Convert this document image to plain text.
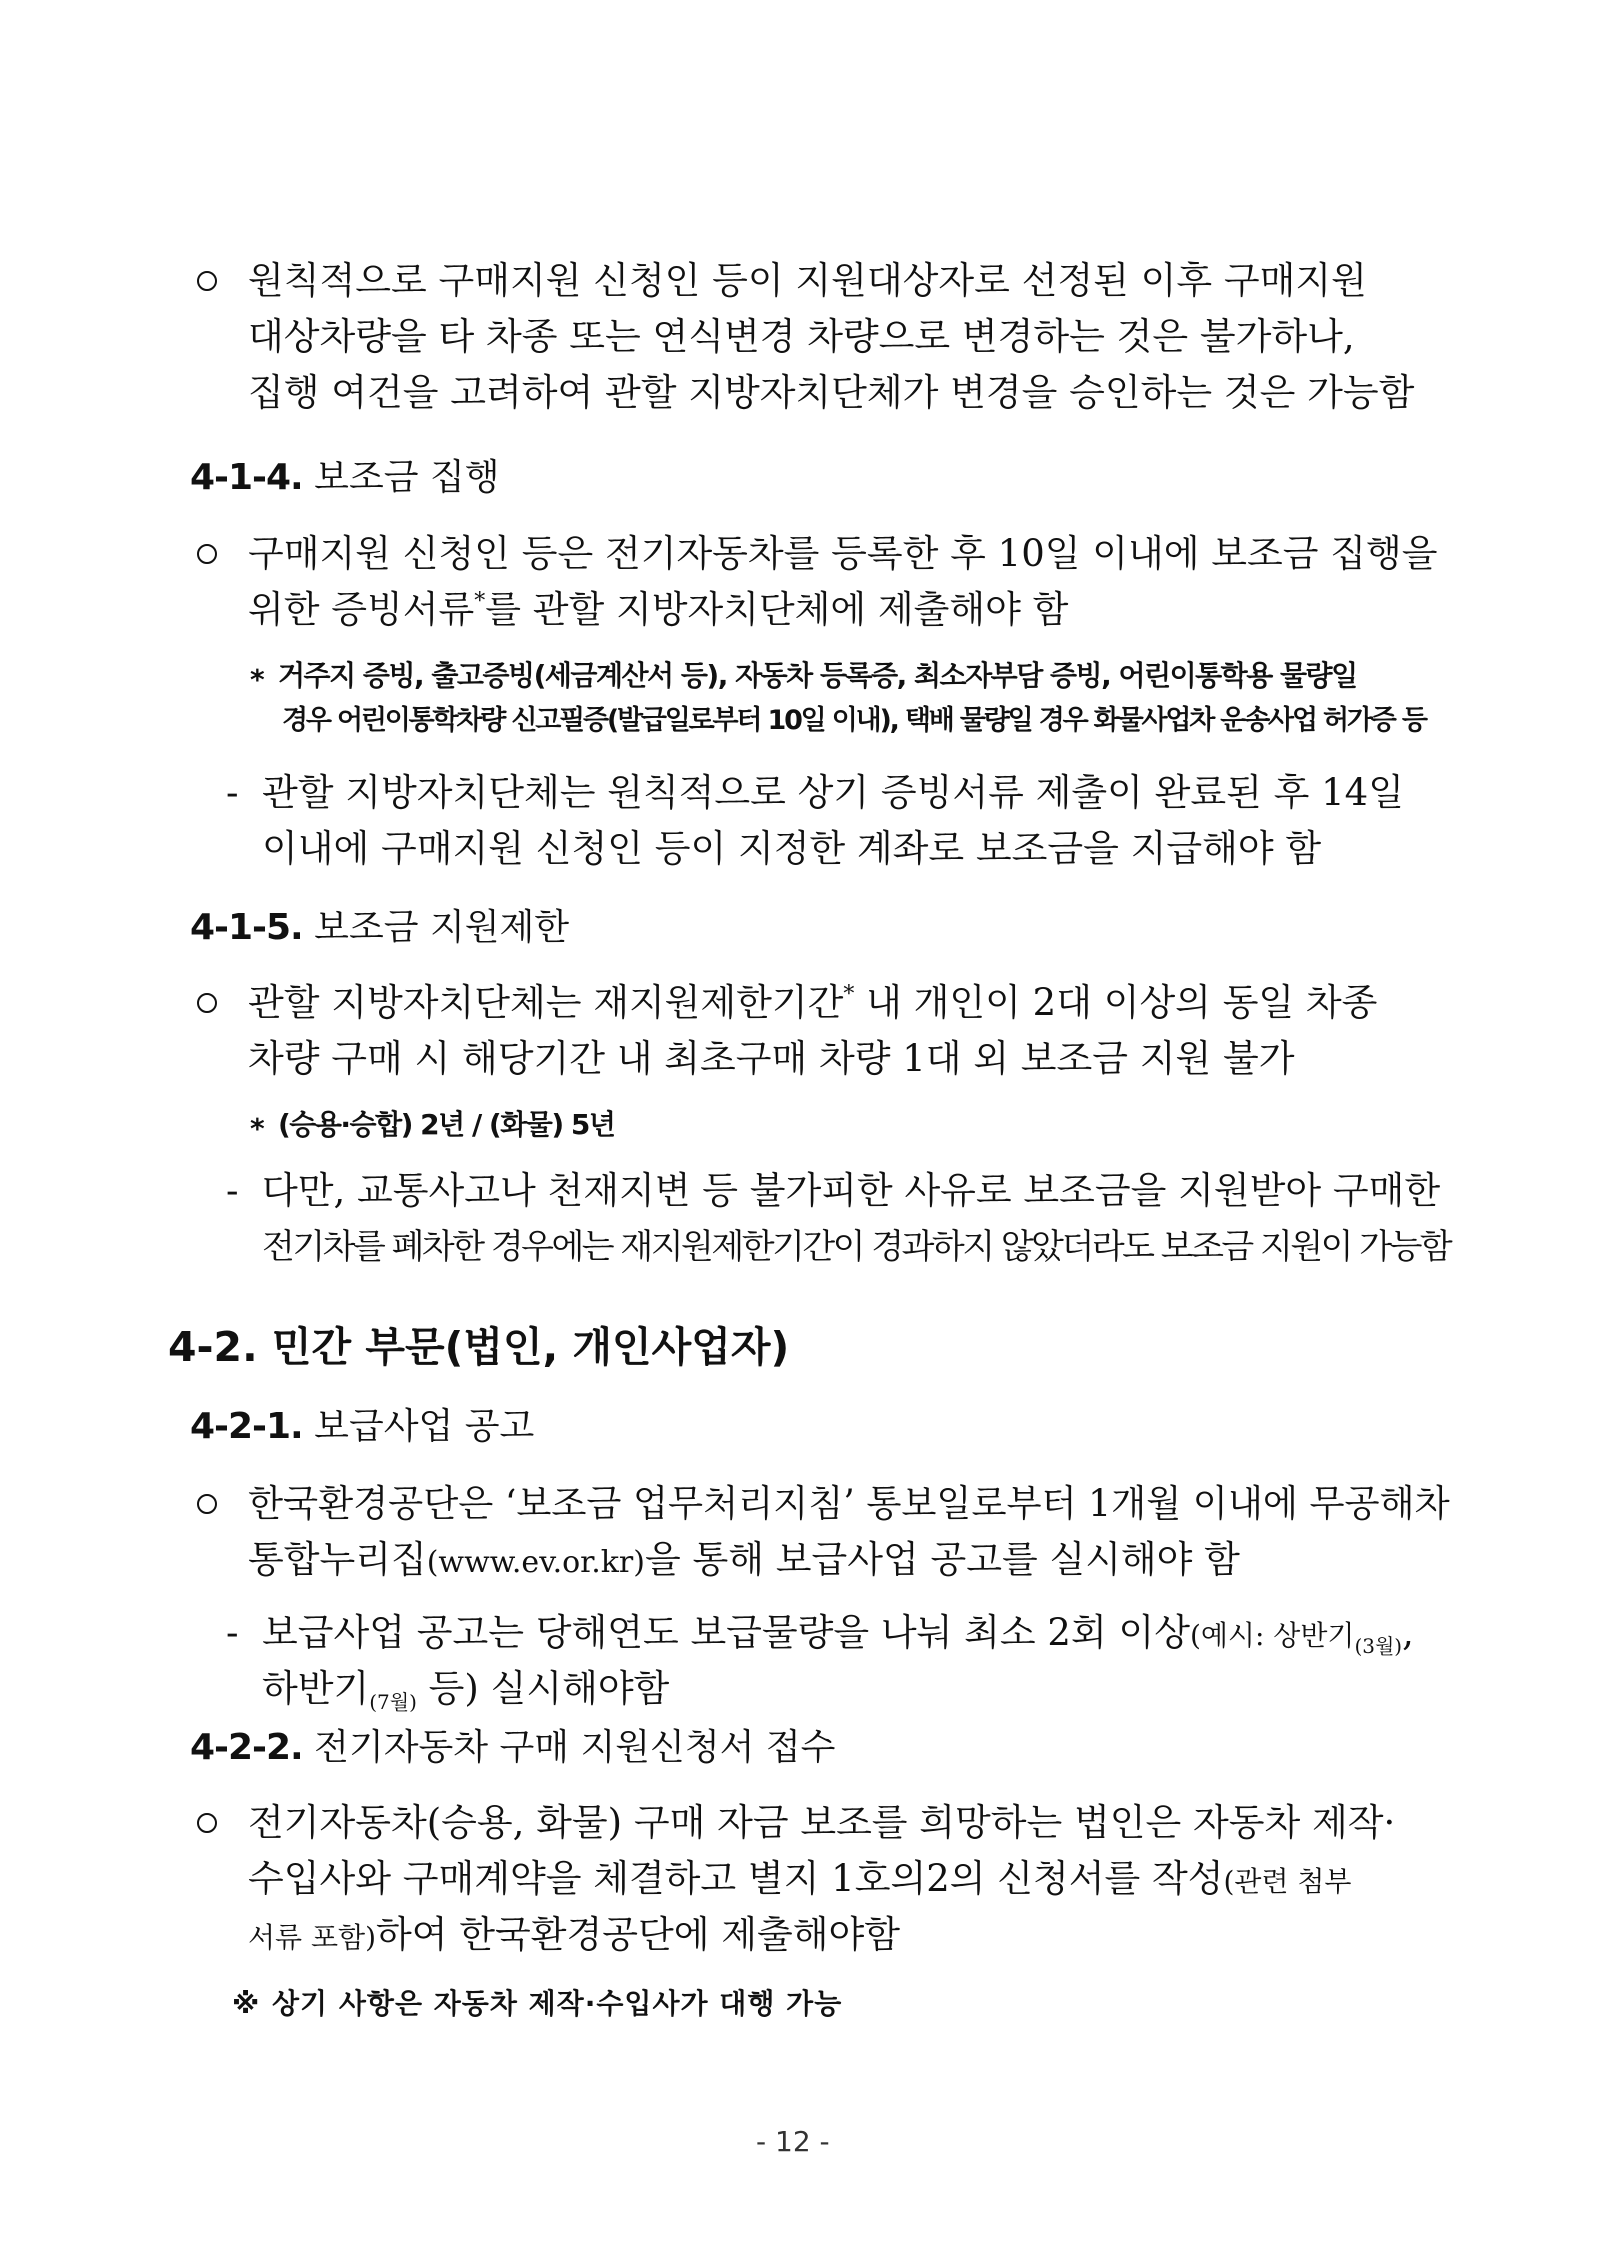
원칙적으로 구매지원 신청인 등이 지원대상자로 선정된 이후 구매지원
대상차량을 타 차종 또는 연식변경 차량으로 변경하는 것은 불가하나,
집행 여건을 고려하여 관할 지방자치단체가 변경을 승인하는 것은 가능함
4-1-4. 보조금 집행
구매지원 신청인 등은 전기자동차를 등록한 후 10일 이내에 보조금 집행을
위한 증빙서류*를 관할 지방자치단체에 제출해야 함
* 거주지 증빙, 출고증빙(세금계산서 등), 자동차 등록증, 최소자부담 증빙, 어린이통학용 물량일
경우 어린이통학차량 신고필증(발급일로부터 10일 이내), 택배 물량일 경우 화물사업차 운송사업 허가증 등
- 관할 지방자치단체는 원칙적으로 상기 증빙서류 제출이 완료된 후 14일
이내에 구매지원 신청인 등이 지정한 계좌로 보조금을 지급해야 함
4-1-5. 보조금 지원제한
관할 지방자치단체는 재지원제한기간* 내 개인이 2대 이상의 동일 차종
차량 구매 시 해당기간 내 최초구매 차량 1대 외 보조금 지원 불가
* (승용·승합) 2년 / (화물) 5년
- 다만, 교통사고나 천재지변 등 불가피한 사유로 보조금을 지원받아 구매한
전기차를 폐차한 경우에는 재지원제한기간이 경과하지 않았더라도 보조금 지원이 가능함
4-2. 민간 부문(법인, 개인사업자)
4-2-1. 보급사업 공고
한국환경공단은 ‘보조금 업무처리지침’ 통보일로부터 1개월 이내에 무공해차
통합누리집(www.ev.or.kr)을 통해 보급사업 공고를 실시해야 함
- 보급사업 공고는 당해연도 보급물량을 나눠 최소 2회 이상(예시: 상반기$_{(3월)}$,
하반기$_{(7월)}$ 등) 실시해야함
4-2-2. 전기자동차 구매 지원신청서 접수
전기자동차(승용, 화물) 구매 자금 보조를 희망하는 법인은 자동차 제작·
수입사와 구매계약을 체결하고 별지 1호의2의 신청서를 작성(관련 첨부
서류 포함)하여 한국환경공단에 제출해야함
※ 상기 사항은 자동차 제작·수입사가 대행 가능
- 12 -
